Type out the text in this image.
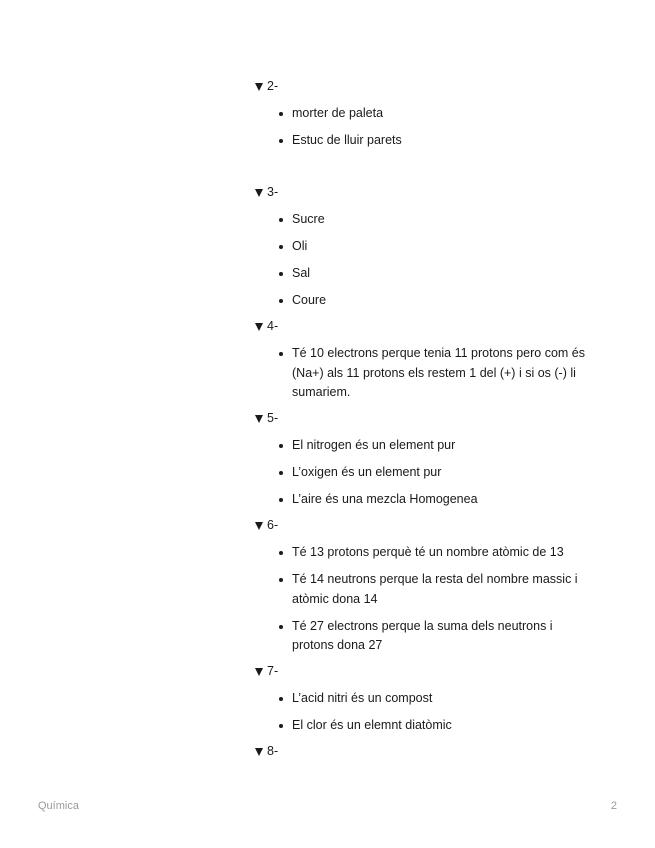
2-
morter de paleta
Estuc de lluir parets
3-
Sucre
Oli
Sal
Coure
4-
Té 10 electrons perque tenia 11 protons pero com és (Na+) als 11 protons els restem 1 del (+) i si os (-) li sumariem.
5-
El nitrogen és un element pur
L’oxigen és un element pur
L’aire és una mezcla Homogenea
6-
Té 13 protons perquè té un nombre atòmic de 13
Té 14 neutrons perque la resta del nombre massic i atòmic dona 14
Té 27 electrons perque la suma dels neutrons i protons dona 27
7-
L’acid nitri és un compost
El clor és un elemnt diatòmic
8-
Química	2
